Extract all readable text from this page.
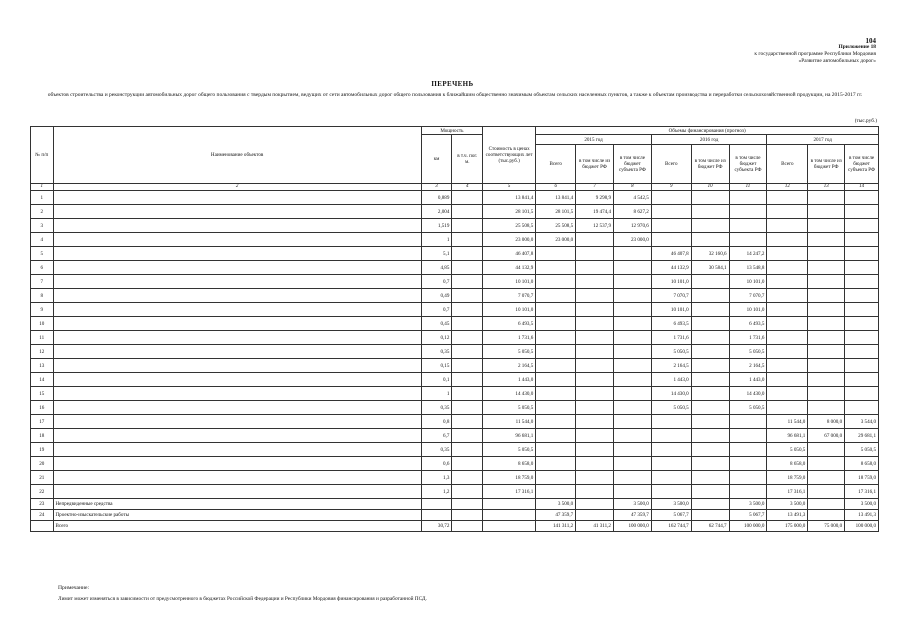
104
Приложение 18
к государственной программе Республики Мордовия
«Развитие автомобильных дорог»
ПЕРЕЧЕНЬ
объектов строительства и реконструкции автомобильных дорог общего пользования с твердым покрытием, ведущих от сети автомобильных дорог общего пользования к ближайшим общественно значимым объектам сельских населенных пунктов, а также к объектам производства и переработки сельскохозяйственной продукции, на 2015-2017 гг.
(тыс.руб.)
№ п/п	Наименование объектов	Мощность		Стоимость в ценах соответствующих лет (тыс.руб.)	Объемы финансирования (прогноз)								
		км	в т.ч. пог. м.		2015 год			2016 год			2017 год		
					Всего	в том числе из бюджет РФ	в том числе бюджет субъекта РФ	Всего	в том числе из бюджет РФ	в том числе бюджет субъекта РФ	Всего	в том числе из бюджет РФ	в том числе бюджет субъекта РФ
1	2	3	4	5	6	7	8	9	10	11	12	13	14
1		0,889		13 841,4	13 841,4	9 298,9	4 542,5						
2		2,004		28 101,5	28 101,5	19 474,4	8 627,2						
3		1,519		25 508,5	25 508,5	12 537,9	12 970,6						
4		1		23 000,0	23 000,0		23 000,0						
5		5,1		46 407,8				46 407,8	32 160,6	14 247,2			
6		4,85		44 132,9				44 132,9	30 584,1	13 548,8			
7		0,7		10 101,0				10 101,0		10 101,0			
8		0,49		7 070,7				7 070,7		7 070,7			
9		0,7		10 101,0				10 101,0		10 101,0			
10		0,45		6 493,5				6 493,5		6 493,5			
11		0,12		1 731,6				1 731,6		1 731,6			
12		0,35		5 050,5				5 050,5		5 050,5			
13		0,15		2 164,5				2 164,5		2 164,5			
14		0,1		1 443,0				1 443,0		1 443,0			
15		1		14 430,0				14 430,0		14 430,0			
16		0,35		5 050,5				5 050,5		5 050,5			
17		0,8		11 544,0							11 544,0	8 000,0	3 544,0
18		6,7		96 681,1							96 681,1	67 000,0	29 681,1
19		0,35		5 050,5							5 050,5		5 050,5
20		0,6		8 658,0							8 658,0		8 658,0
21		1,3		18 759,0							18 759,0		18 759,0
22		1,2		17 316,1							17 316,1		17 316,1
23	Непредвиденные средства				3 500,0		3 500,0	3 500,0		3 500,0	3 500,0		3 500,0
24	Проектно-изыскательские работы				47 359,7		47 359,7	5 067,7		5 067,7	13 491,3		13 491,3
	Всего	30,72			141 311,2	41 311,2	100 000,0	162 744,7	62 744,7	100 000,0	175 000,0	75 000,0	100 000,0
Примечание:
Лимит может изменяться в зависимости от предусмотренного в бюджетах Российской Федерации и Республики Мордовия финансирования и разработанной ПСД.
